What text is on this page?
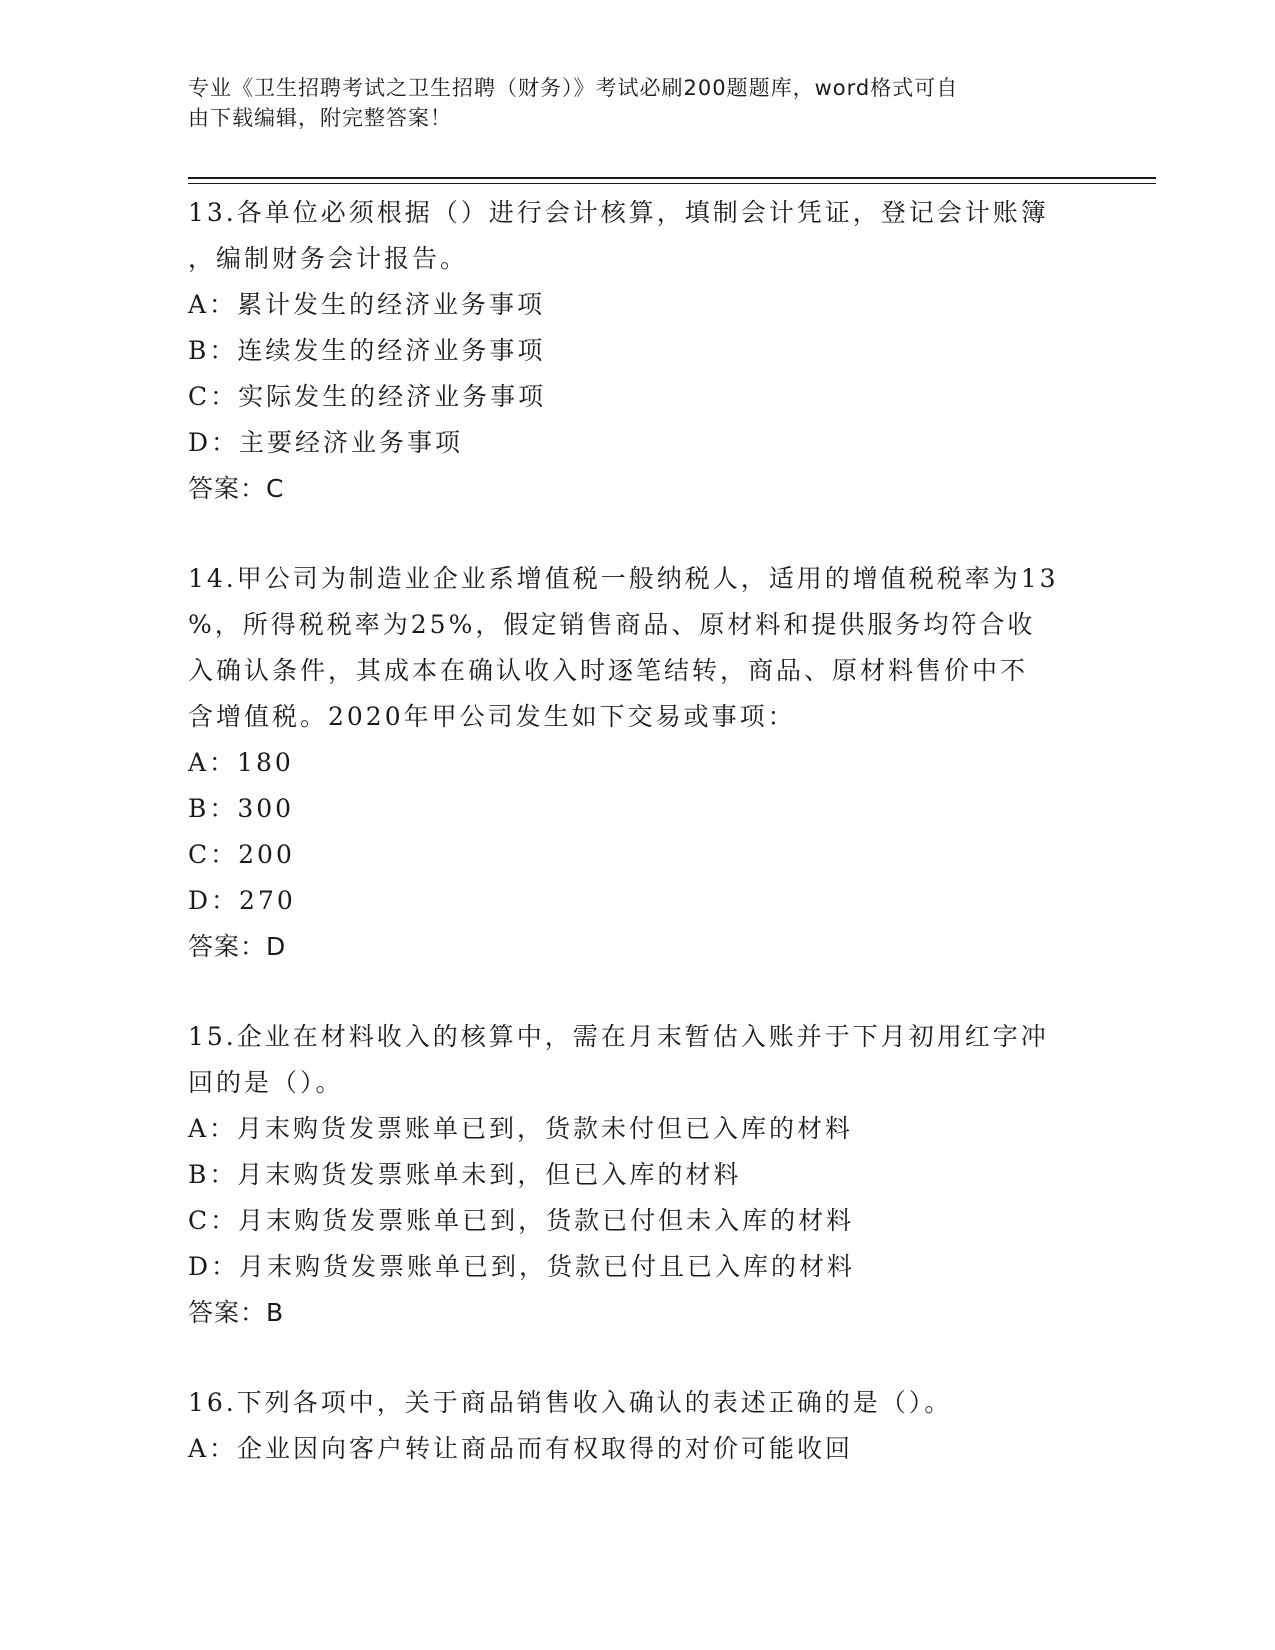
专业《卫生招聘考试之卫生招聘（财务）》考试必刷200题题库，word格式可自
由下载编辑，附完整答案！

13.各单位必须根据（）进行会计核算，填制会计凭证，登记会计账簿

，编制财务会计报告。

A：累计发生的经济业务事项

B：连续发生的经济业务事项

C：实际发生的经济业务事项

D：主要经济业务事项

答案：C

14.甲公司为制造业企业系增值税一般纳税人，适用的增值税税率为13

%，所得税税率为25%，假定销售商品、原材料和提供服务均符合收

入确认条件，其成本在确认收入时逐笔结转，商品、原材料售价中不

含增值税。2020年甲公司发生如下交易或事项：

A：180

B：300

C：200

D：270

答案：D

15.企业在材料收入的核算中，需在月末暂估入账并于下月初用红字冲

回的是（）。

A：月末购货发票账单已到，货款未付但已入库的材料

B：月末购货发票账单未到，但已入库的材料

C：月末购货发票账单已到，货款已付但未入库的材料

D：月末购货发票账单已到，货款已付且已入库的材料

答案：B

16.下列各项中，关于商品销售收入确认的表述正确的是（）。

A：企业因向客户转让商品而有权取得的对价可能收回
